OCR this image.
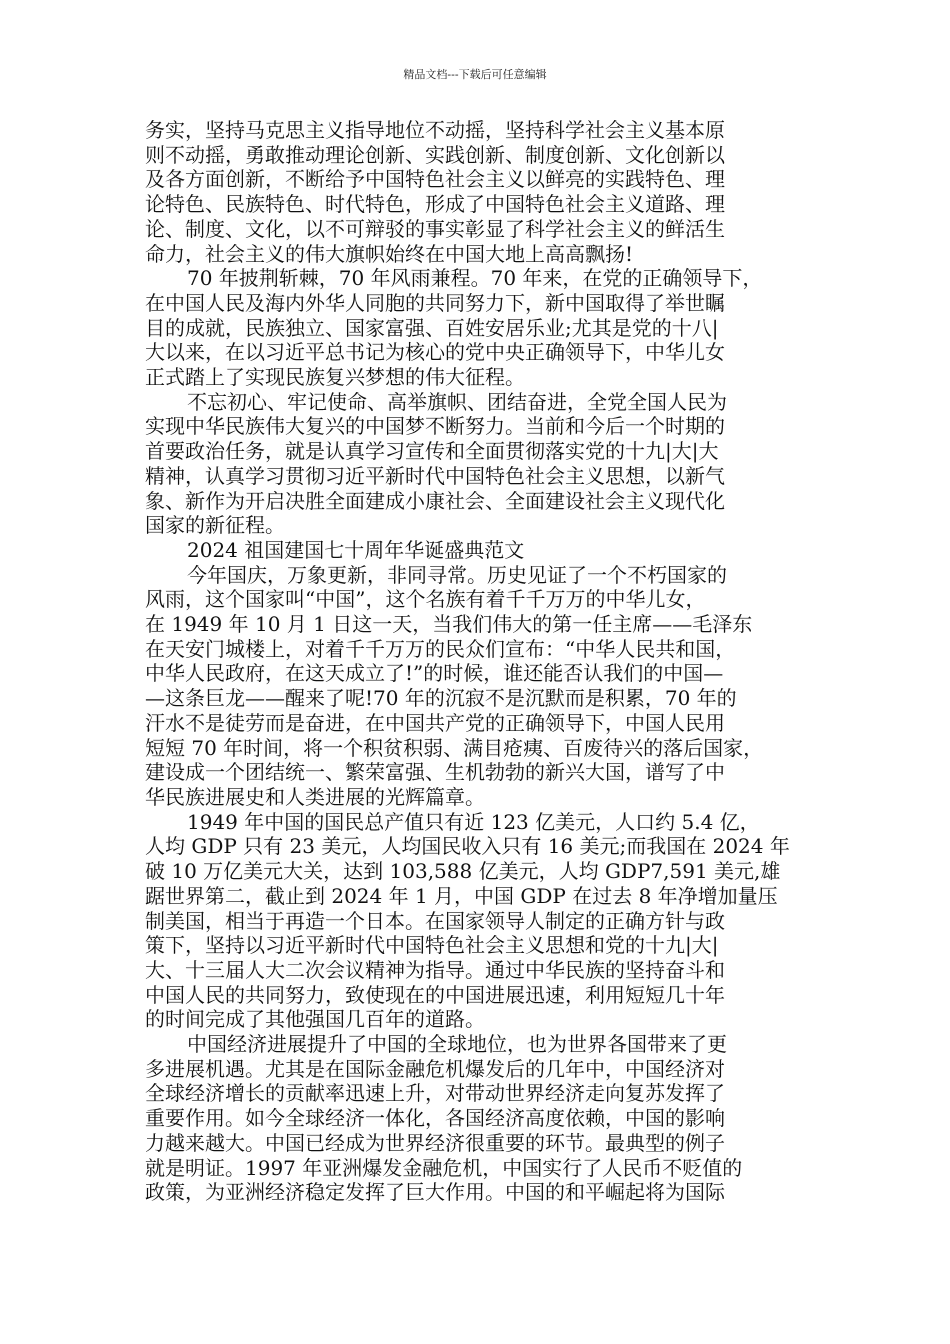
精品文档---下载后可任意编辑
务实，坚持马克思主义指导地位不动摇，坚持科学社会主义基本原
则不动摇，勇敢推动理论创新、实践创新、制度创新、文化创新以
及各方面创新，不断给予中国特色社会主义以鲜亮的实践特色、理
论特色、民族特色、时代特色，形成了中国特色社会主义道路、理
论、制度、文化，以不可辩驳的事实彰显了科学社会主义的鲜活生
命力，社会主义的伟大旗帜始终在中国大地上高高飘扬!
70 年披荆斩棘，70 年风雨兼程。70 年来，在党的正确领导下，
在中国人民及海内外华人同胞的共同努力下，新中国取得了举世瞩
目的成就，民族独立、国家富强、百姓安居乐业;尤其是党的十八|
大以来，在以习近平总书记为核心的党中央正确领导下，中华儿女
正式踏上了实现民族复兴梦想的伟大征程。
不忘初心、牢记使命、高举旗帜、团结奋进，全党全国人民为
实现中华民族伟大复兴的中国梦不断努力。当前和今后一个时期的
首要政治任务，就是认真学习宣传和全面贯彻落实党的十九|大|大
精神，认真学习贯彻习近平新时代中国特色社会主义思想，以新气
象、新作为开启决胜全面建成小康社会、全面建设社会主义现代化
国家的新征程。
2024 祖国建国七十周年华诞盛典范文
今年国庆，万象更新，非同寻常。历史见证了一个不朽国家的
风雨，这个国家叫“中国”，这个名族有着千千万万的中华儿女，
在 1949 年 10 月 1 日这一天，当我们伟大的第一任主席——毛泽东
在天安门城楼上，对着千千万万的民众们宣布：“中华人民共和国，
中华人民政府，在这天成立了!”的时候，谁还能否认我们的中国—
—这条巨龙——醒来了呢!70 年的沉寂不是沉默而是积累，70 年的
汗水不是徒劳而是奋进，在中国共产党的正确领导下，中国人民用
短短 70 年时间，将一个积贫积弱、满目疮痍、百废待兴的落后国家，
建设成一个团结统一、繁荣富强、生机勃勃的新兴大国，谱写了中
华民族进展史和人类进展的光辉篇章。
1949 年中国的国民总产值只有近 123 亿美元，人口约 5.4 亿，
人均 GDP 只有 23 美元，人均国民收入只有 16 美元;而我国在 2024 年
破 10 万亿美元大关，达到 103,588 亿美元，人均 GDP7,591 美元,雄
踞世界第二，截止到 2024 年 1 月，中国 GDP 在过去 8 年净增加量压
制美国，相当于再造一个日本。在国家领导人制定的正确方针与政
策下，坚持以习近平新时代中国特色社会主义思想和党的十九|大|
大、十三届人大二次会议精神为指导。通过中华民族的坚持奋斗和
中国人民的共同努力，致使现在的中国进展迅速，利用短短几十年
的时间完成了其他强国几百年的道路。
中国经济进展提升了中国的全球地位，也为世界各国带来了更
多进展机遇。尤其是在国际金融危机爆发后的几年中，中国经济对
全球经济增长的贡献率迅速上升，对带动世界经济走向复苏发挥了
重要作用。如今全球经济一体化，各国经济高度依赖，中国的影响
力越来越大。中国已经成为世界经济很重要的环节。最典型的例子
就是明证。1997 年亚洲爆发金融危机，中国实行了人民币不贬值的
政策，为亚洲经济稳定发挥了巨大作用。中国的和平崛起将为国际
